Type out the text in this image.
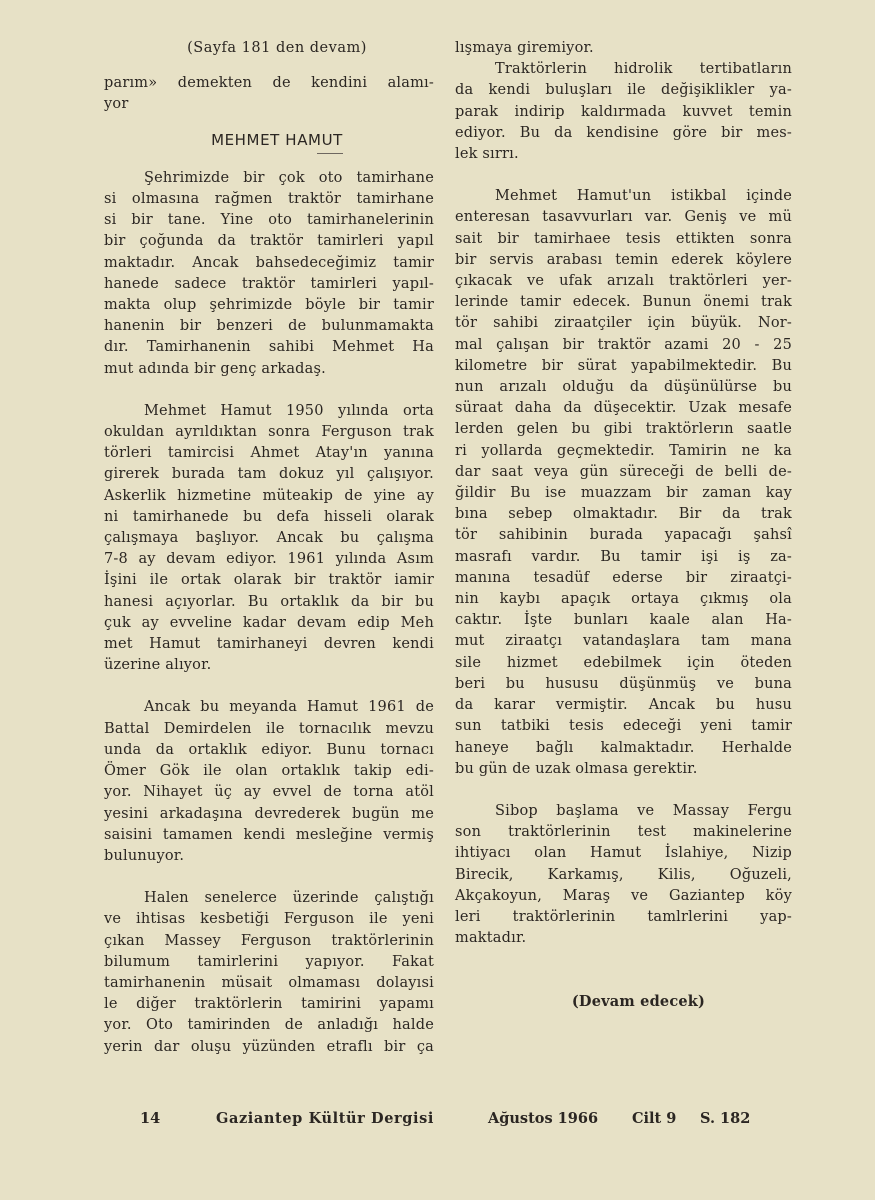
(Sayfa 181 den devam)
parım» demekten de kendini alamı-
yor
MEHMET HAMUT
Şehrimizde bir çok oto tamirhane
si olmasına rağmen traktör tamirhane
si bir tane. Yine oto tamirhanelerinin
bir çoğunda da traktör tamirleri yapıl
maktadır. Ancak bahsedeceğimiz tamir
hanede sadece traktör tamirleri yapıl-
makta olup şehrimizde böyle bir tamir
hanenin bir benzeri de bulunmamakta
dır. Tamirhanenin sahibi Mehmet Ha
mut adında bir genç arkadaş.
Mehmet Hamut 1950 yılında orta
okuldan ayrıldıktan sonra Ferguson trak
törleri tamircisi Ahmet Atay'ın yanına
girerek burada tam dokuz yıl çalışıyor.
Askerlik hizmetine müteakip de yine ay
ni tamirhanede bu defa hisseli olarak
çalışmaya başlıyor. Ancak bu çalışma
7-8 ay devam ediyor. 1961 yılında Asım
İşini ile ortak olarak bir traktör iamir
hanesi açıyorlar. Bu ortaklık da bir bu
çuk ay evveline kadar devam edip Meh
met Hamut tamirhaneyi devren kendi
üzerine alıyor.
Ancak bu meyanda Hamut 1961 de
Battal Demirdelen ile tornacılık mevzu
unda da ortaklık ediyor. Bunu tornacı
Ömer Gök ile olan ortaklık takip edi-
yor. Nihayet üç ay evvel de torna atöl
yesini arkadaşına devrederek bugün me
saisini tamamen kendi mesleğine vermiş
bulunuyor.
Halen senelerce üzerinde çalıştığı
ve ihtisas kesbetiği Ferguson ile yeni
çıkan Massey Ferguson traktörlerinin
bilumum tamirlerini yapıyor. Fakat
tamirhanenin müsait olmaması dolayısi
le diğer traktörlerin tamirini yapamı
yor. Oto tamirinden de anladığı halde
yerin dar oluşu yüzünden etraflı bir ça
lışmaya giremiyor.
Traktörlerin hidrolik tertibatların
da kendi buluşları ile değişiklikler ya-
parak indirip kaldırmada kuvvet temin
ediyor. Bu da kendisine göre bir mes-
lek sırrı.
Mehmet Hamut'un istikbal içinde
enteresan tasavvurları var. Geniş ve mü
sait bir tamirhaee tesis ettikten sonra
bir servis arabası temin ederek köylere
çıkacak ve ufak arızalı traktörleri yer-
lerinde tamir edecek. Bunun önemi trak
tör sahibi ziraatçiler için büyük. Nor-
mal çalışan bir traktör azami 20 - 25
kilometre bir sürat yapabilmektedir. Bu
nun arızalı olduğu da düşünülürse bu
süraat daha da düşecektir. Uzak mesafe
lerden gelen bu gibi traktörlerın saatle
ri yollarda geçmektedir. Tamirin ne ka
dar saat veya gün süreceği de belli de-
ğildir Bu ise muazzam bir zaman kay
bına sebep olmaktadır. Bir da trak
tör sahibinin burada yapacağı şahsî
masrafı vardır. Bu tamir işi iş za-
manına tesadüf ederse bir ziraatçi-
nin kaybı apaçık ortaya çıkmış ola
caktır. İşte bunları kaale alan Ha-
mut ziraatçı vatandaşlara tam mana
sile hizmet edebilmek için öteden
beri bu hususu düşünmüş ve buna
da karar vermiştir. Ancak bu husu
sun tatbiki tesis edeceği yeni tamir
haneye bağlı kalmaktadır. Herhalde
bu gün de uzak olmasa gerektir.
Sibop başlama ve Massay Fergu
son traktörlerinin test makinelerine
ihtiyacı olan Hamut İslahiye, Nizip
Birecik, Karkamış, Kilis, Oğuzeli,
Akçakoyun, Maraş ve Gaziantep köy
leri traktörlerinin tamlrlerini yap-
maktadır.
(Devam edecek)
14	Gaziantep Kültür Dergisi	Ağustos 1966 Cilt 9 S. 182
